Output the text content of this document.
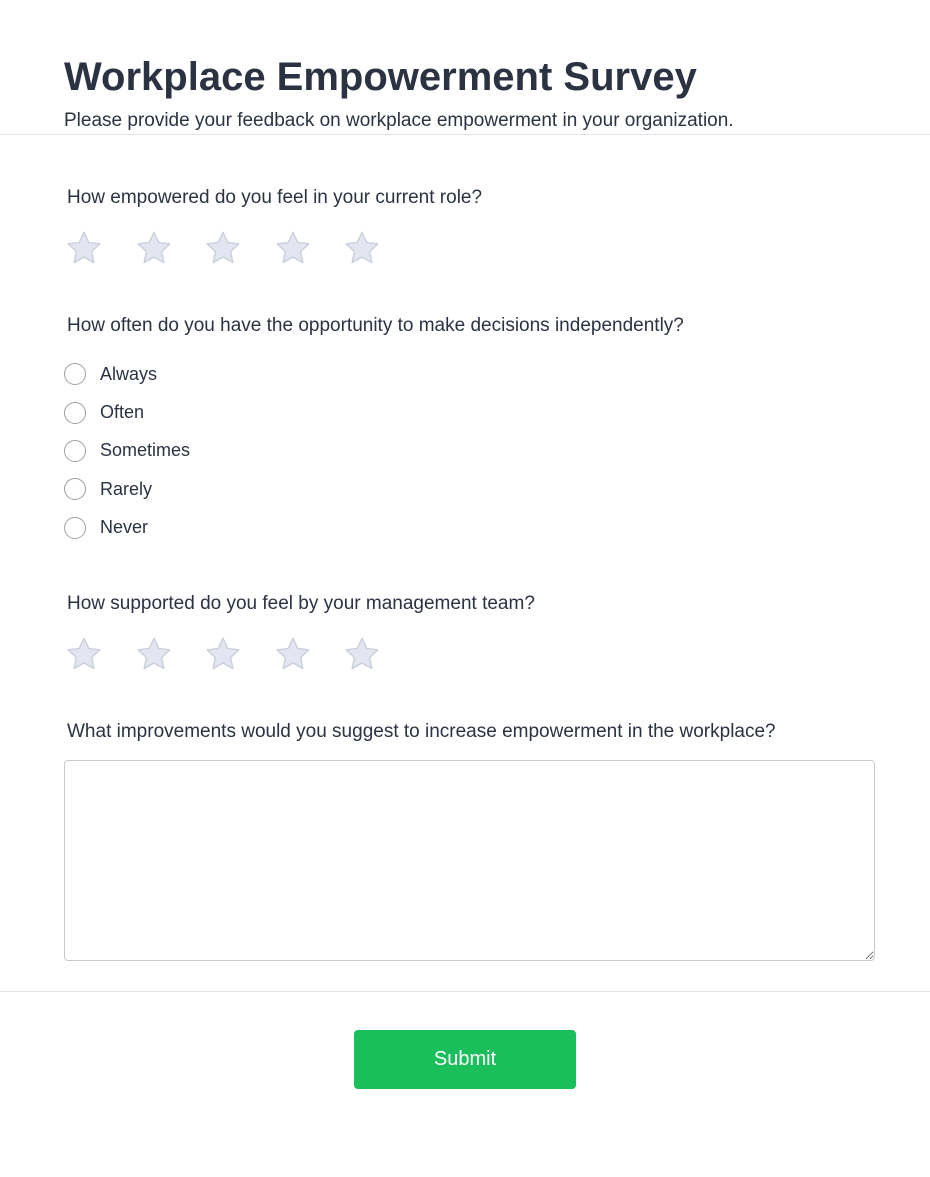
Workplace Empowerment Survey

Please provide your feedback on workplace empowerment in your organization.

How empowered do you feel in your current role?

How often do you have the opportunity to make decisions independently?

Always
Often
Sometimes
Rarely
Never

How supported do you feel by your management team?

What improvements would you suggest to increase empowerment in the workplace?

Submit
